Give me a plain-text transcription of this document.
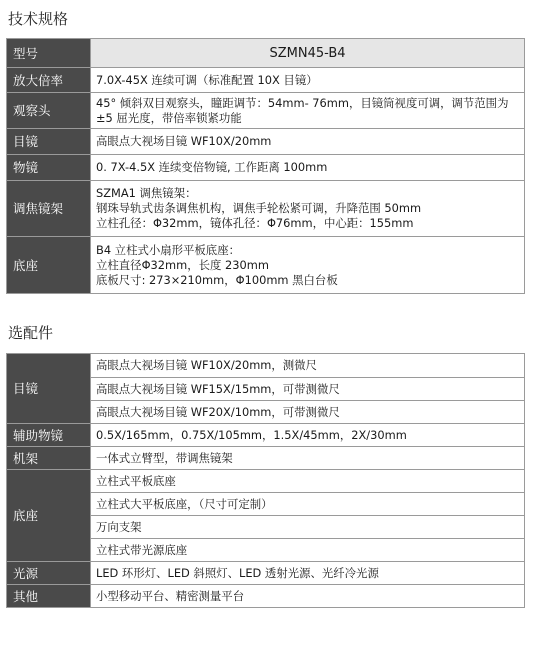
技术规格
型号	SZMN45-B4
放大倍率	7.0X-45X 连续可调（标准配置 10X 目镜）

观察头	45° 倾斜双目观察头，瞳距调节：54mm- 76mm，目镜筒视度可调，调节范围为±5 屈光度，带倍率锁紧功能

目镜	高眼点大视场目镜 WF10X/20mm

物镜	0. 7X-4.5X 连续变倍物镜, 工作距离 100mm

调焦镜架	SZMA1 调焦镜架：
钢珠导轨式齿条调焦机构，调焦手轮松紧可调，升降范围 50mm
立柱孔径：Φ32mm，镜体孔径：Φ76mm，中心距：155mm

底座	B4 立柱式小扇形平板底座：
立柱直径Φ32mm，长度 230mm
底板尺寸: 273×210mm，Φ100mm 黑白台板
选配件
目镜	高眼点大视场目镜 WF10X/20mm，测微尺

	高眼点大视场目镜 WF15X/15mm，可带测微尺

	高眼点大视场目镜 WF20X/10mm，可带测微尺

辅助物镜	0.5X/165mm，0.75X/105mm，1.5X/45mm，2X/30mm

机架	一体式立臂型，带调焦镜架

底座	立柱式平板底座

	立柱式大平板底座，（尺寸可定制）

	万向支架

	立柱式带光源底座

光源	LED 环形灯、LED 斜照灯、LED 透射光源、光纤冷光源

其他	小型移动平台、精密测量平台
